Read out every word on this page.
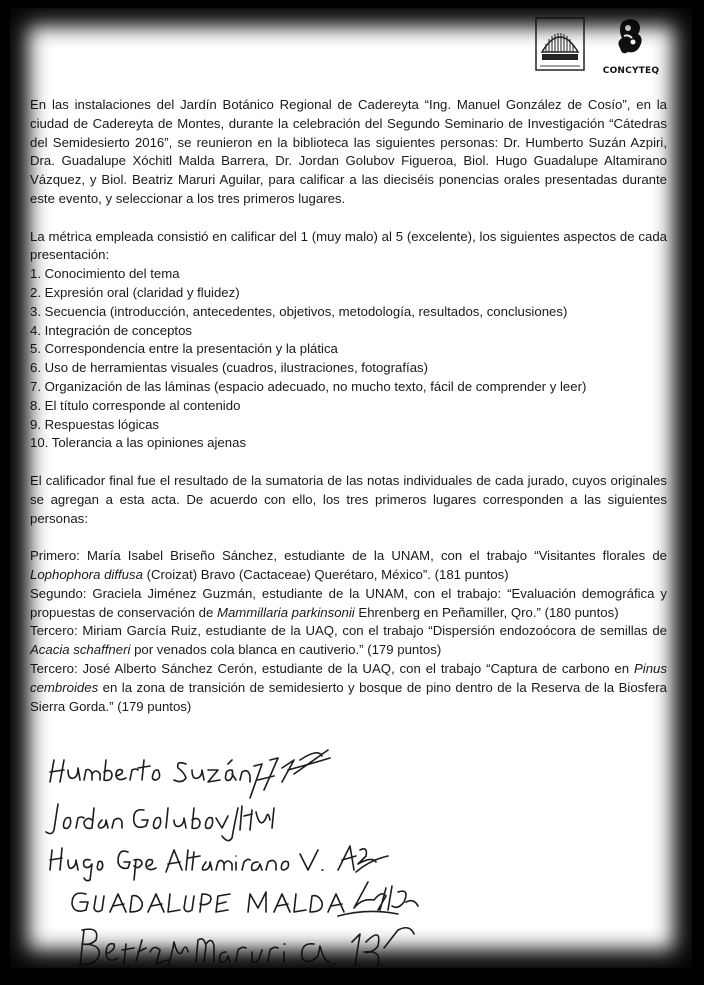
CONCYTEQ

En las instalaciones del Jardín Botánico Regional de Cadereyta “Ing. Manuel González de Cosío”, en la ciudad de Cadereyta de Montes, durante la celebración del Segundo Seminario de Investigación “Cátedras del Semidesierto 2016”, se reunieron en la biblioteca las siguientes personas: Dr. Humberto Suzán Azpiri, Dra. Guadalupe Xóchitl Malda Barrera, Dr. Jordan Golubov Figueroa, Biol. Hugo Guadalupe Altamirano Vázquez, y Biol. Beatriz Maruri Aguilar, para calificar a las dieciséis ponencias orales presentadas durante este evento, y seleccionar a los tres primeros lugares.

La métrica empleada consistió en calificar del 1 (muy malo) al 5 (excelente), los siguientes aspectos de cada presentación:

1. Conocimiento del tema
2. Expresión oral (claridad y fluidez)
3. Secuencia (introducción, antecedentes, objetivos, metodología, resultados, conclusiones)
4. Integración de conceptos
5. Correspondencia entre la presentación y la plática
6. Uso de herramientas visuales (cuadros, ilustraciones, fotografías)
7. Organización de las láminas (espacio adecuado, no mucho texto, fácil de comprender y leer)
8. El título corresponde al contenido
9. Respuestas lógicas
10. Tolerancia a las opiniones ajenas

El calificador final fue el resultado de la sumatoria de las notas individuales de cada jurado, cuyos originales se agregan a esta acta. De acuerdo con ello, los tres primeros lugares corresponden a las siguientes personas:

Primero: María Isabel Briseño Sánchez, estudiante de la UNAM, con el trabajo “Visitantes florales de Lophophora diffusa (Croizat) Bravo (Cactaceae) Querétaro, México”. (181 puntos)

Segundo: Graciela Jiménez Guzmán, estudiante de la UNAM, con el trabajo: “Evaluación demográfica y propuestas de conservación de Mammillaria parkinsonii Ehrenberg en Peñamiller, Qro.” (180 puntos)

Tercero: Miriam García Ruiz, estudiante de la UAQ, con el trabajo “Dispersión endozoócora de semillas de Acacia schaffneri por venados cola blanca en cautiverio.” (179 puntos)

Tercero: José Alberto Sánchez Cerón, estudiante de la UAQ, con el trabajo “Captura de carbono en Pinus cembroides en la zona de transición de semidesierto y bosque de pino dentro de la Reserva de la Biosfera Sierra Gorda.” (179 puntos)
